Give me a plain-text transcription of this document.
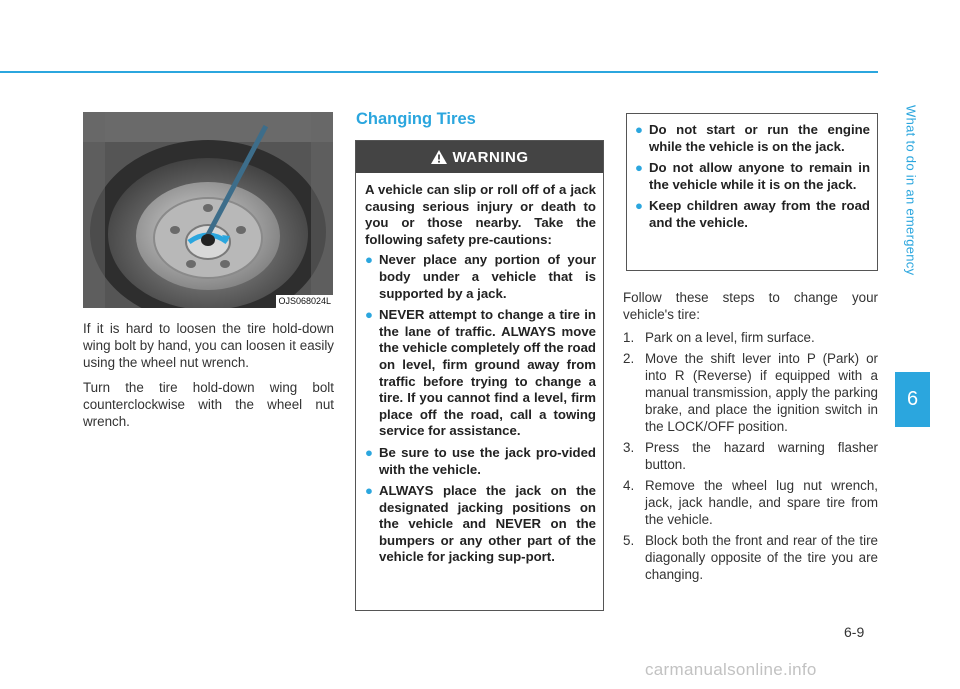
What to do in an emergency
6
OJS068024L

If it is hard to loosen the tire hold-down wing bolt by hand, you can loosen it easily using the wheel nut wrench.

Turn the tire hold-down wing bolt counterclockwise with the wheel nut wrench.

Changing Tires
WARNING

A vehicle can slip or roll off of a jack causing serious injury or death to you or those nearby. Take the following safety pre-cautions:

● Never place any portion of your body under a vehicle that is supported by a jack.
● NEVER attempt to change a tire in the lane of traffic. ALWAYS move the vehicle completely off the road on level, firm ground away from traffic before trying to change a tire. If you cannot find a level, firm place off the road, call a towing service for assistance.
● Be sure to use the jack pro-vided with the vehicle.
● ALWAYS place the jack on the designated jacking positions on the vehicle and NEVER on the bumpers or any other part of the vehicle for jacking sup-port.
● Do not start or run the engine while the vehicle is on the jack.
● Do not allow anyone to remain in the vehicle while it is on the jack.
● Keep children away from the road and the vehicle.

Follow these steps to change your vehicle's tire:

1. Park on a level, firm surface.
2. Move the shift lever into P (Park) or into R (Reverse) if equipped with a manual transmission, apply the parking brake, and place the ignition switch in the LOCK/OFF position.
3. Press the hazard warning flasher button.
4. Remove the wheel lug nut wrench, jack, jack handle, and spare tire from the vehicle.
5. Block both the front and rear of the tire diagonally opposite of the tire you are changing.
6-9
carmanualsonline.info
